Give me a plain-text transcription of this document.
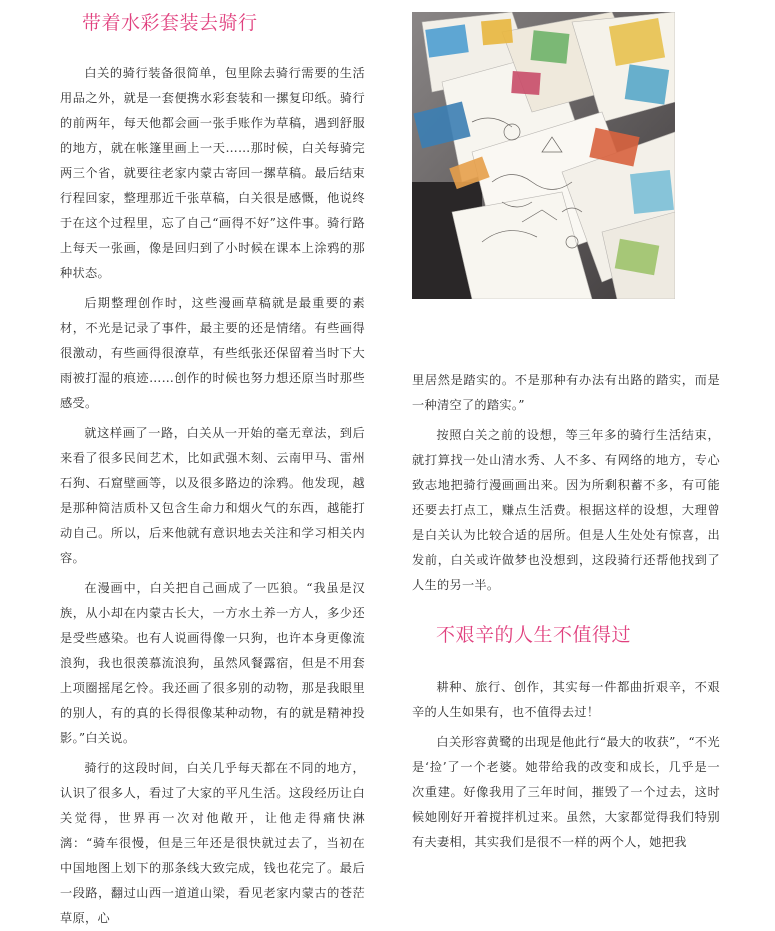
带着水彩套装去骑行

白关的骑行装备很简单，包里除去骑行需要的生活用品之外，就是一套便携水彩套装和一摞复印纸。骑行的前两年，每天他都会画一张手账作为草稿，遇到舒服的地方，就在帐篷里画上一天……那时候，白关每骑完两三个省，就要往老家内蒙古寄回一摞草稿。最后结束行程回家，整理那近千张草稿，白关很是感慨，他说终于在这个过程里，忘了自己“画得不好”这件事。骑行路上每天一张画，像是回归到了小时候在课本上涂鸦的那种状态。

后期整理创作时，这些漫画草稿就是最重要的素材，不光是记录了事件，最主要的还是情绪。有些画得很激动，有些画得很潦草，有些纸张还保留着当时下大雨被打湿的痕迹……创作的时候也努力想还原当时那些感受。

就这样画了一路，白关从一开始的毫无章法，到后来看了很多民间艺术，比如武强木刻、云南甲马、雷州石狗、石窟壁画等，以及很多路边的涂鸦。他发现，越是那种简洁质朴又包含生命力和烟火气的东西，越能打动自己。所以，后来他就有意识地去关注和学习相关内容。

在漫画中，白关把自己画成了一匹狼。“我虽是汉族，从小却在内蒙古长大，一方水土养一方人，多少还是受些感染。也有人说画得像一只狗，也许本身更像流浪狗，我也很羡慕流浪狗，虽然风餐露宿，但是不用套上项圈摇尾乞怜。我还画了很多别的动物，那是我眼里的别人，有的真的长得很像某种动物，有的就是精神投影。”白关说。

骑行的这段时间，白关几乎每天都在不同的地方，认识了很多人，看过了大家的平凡生活。这段经历让白关觉得，世界再一次对他敞开，让他走得痛快淋漓：“骑车很慢，但是三年还是很快就过去了，当初在中国地图上划下的那条线大致完成，钱也花完了。最后一段路，翻过山西一道道山梁，看见老家内蒙古的苍茫草原，心

里居然是踏实的。不是那种有办法有出路的踏实，而是一种清空了的踏实。”

按照白关之前的设想，等三年多的骑行生活结束，就打算找一处山清水秀、人不多、有网络的地方，专心致志地把骑行漫画画出来。因为所剩积蓄不多，有可能还要去打点工，赚点生活费。根据这样的设想，大理曾是白关认为比较合适的居所。但是人生处处有惊喜，出发前，白关或许做梦也没想到，这段骑行还帮他找到了人生的另一半。

不艰辛的人生不值得过

耕种、旅行、创作，其实每一件都曲折艰辛，不艰辛的人生如果有，也不值得去过！

白关形容黄鹭的出现是他此行“最大的收获”，“不光是‘捡’了一个老婆。她带给我的改变和成长，几乎是一次重建。好像我用了三年时间，摧毁了一个过去，这时候她刚好开着搅拌机过来。虽然，大家都觉得我们特别有夫妻相，其实我们是很不一样的两个人，她把我
